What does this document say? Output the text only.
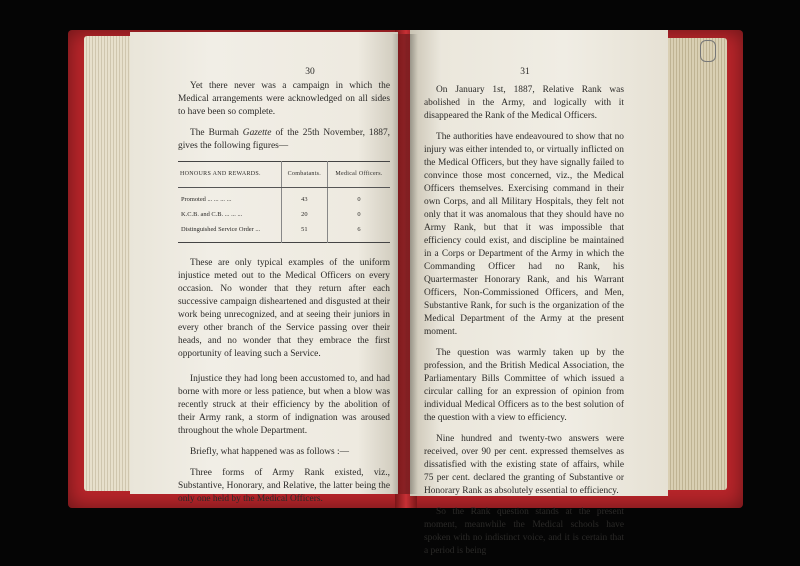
30

Yet there never was a campaign in which the Medical arrangements were acknowledged on all sides to have been so complete.

The Burmah Gazette of the 25th November, 1887, gives the following figures—

HONOURS AND REWARDS.	Combatants.	Medical Officers.
Promoted ... ... ... ...	43	0
K.C.B. and C.B. ... ... ...	20	0
Distinguished Service Order ...	51	6

These are only typical examples of the uniform injustice meted out to the Medical Officers on every occasion. No wonder that they return after each successive campaign disheartened and disgusted at their work being unrecognized, and at seeing their juniors in every other branch of the Service passing over their heads, and no wonder that they embrace the first opportunity of leaving such a Service.

Injustice they had long been accustomed to, and had borne with more or less patience, but when a blow was recently struck at their efficiency by the abolition of their Army rank, a storm of indignation was aroused throughout the whole Department.

Briefly, what happened was as follows :—

Three forms of Army Rank existed, viz., Substantive, Honorary, and Relative, the latter being the only one held by the Medical Officers.

31

On January 1st, 1887, Relative Rank was abolished in the Army, and logically with it disappeared the Rank of the Medical Officers.

The authorities have endeavoured to show that no injury was either intended to, or virtually inflicted on the Medical Officers, but they have signally failed to convince those most concerned, viz., the Medical Officers themselves. Exercising command in their own Corps, and all Military Hospitals, they felt not only that it was anomalous that they should have no Army Rank, but that it was impossible that efficiency could exist, and discipline be maintained in a Corps or Department of the Army in which the Commanding Officer had no Rank, his Quartermaster Honorary Rank, and his Warrant Officers, Non-Commissioned Officers, and Men, Substantive Rank, for such is the organization of the Medical Department of the Army at the present moment.

The question was warmly taken up by the profession, and the British Medical Association, the Parliamentary Bills Committee of which issued a circular calling for an expression of opinion from individual Medical Officers as to the best solution of the question with a view to efficiency.

Nine hundred and twenty-two answers were received, over 90 per cent. expressed themselves as dissatisfied with the existing state of affairs, while 75 per cent. declared the granting of Substantive or Honorary Rank as absolutely essential to efficiency.

So the Rank question stands at the present moment, meanwhile the Medical schools have spoken with no indistinct voice, and it is certain that a period is being
